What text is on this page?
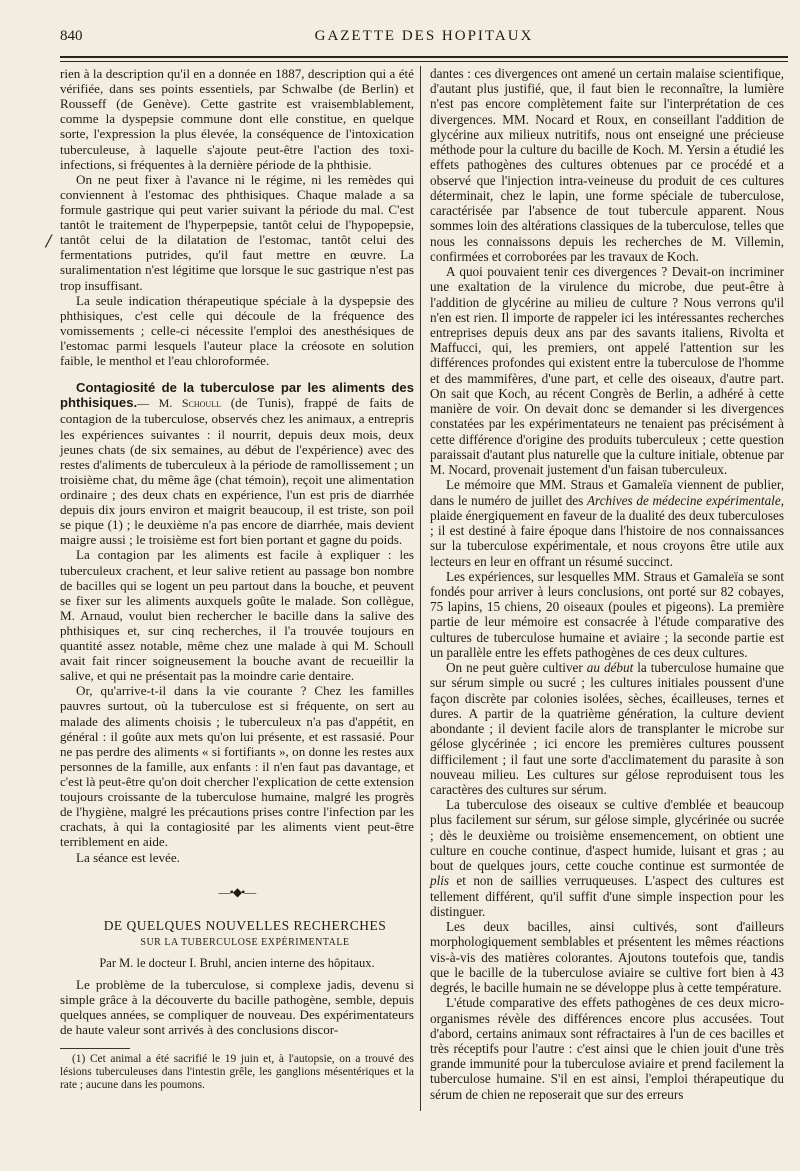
840	GAZETTE DES HOPITAUX
/

rien à la description qu'il en a donnée en 1887, description qui a été vérifiée, dans ses points essentiels, par Schwalbe (de Berlin) et Rousseff (de Genève). Cette gastrite est vraisemblablement, comme la dyspepsie commune dont elle constitue, en quelque sorte, l'expression la plus élevée, la conséquence de l'intoxication tuberculeuse, à laquelle s'ajoute peut-être l'action des toxi-infections, si fréquentes à la dernière période de la phthisie.

On ne peut fixer à l'avance ni le régime, ni les remèdes qui conviennent à l'estomac des phthisiques. Chaque malade a sa formule gastrique qui peut varier suivant la période du mal. C'est tantôt le traitement de l'hyperpepsie, tantôt celui de l'hypopepsie, tantôt celui de la dilatation de l'estomac, tantôt celui des fermentations putrides, qu'il faut mettre en œuvre. La suralimentation n'est légitime que lorsque le suc gastrique n'est pas trop insuffisant.

La seule indication thérapeutique spéciale à la dyspepsie des phthisiques, c'est celle qui découle de la fréquence des vomissements ; celle-ci nécessite l'emploi des anesthésiques de l'estomac parmi lesquels l'auteur place la créosote en solution faible, le menthol et l'eau chloroformée.

Contagiosité de la tuberculose par les aliments des phthisiques.— M. Schoull (de Tunis), frappé de faits de contagion de la tuberculose, observés chez les animaux, a entrepris les expériences suivantes : il nourrit, depuis deux mois, deux jeunes chats (de six semaines, au début de l'expérience) avec des restes d'aliments de tuberculeux à la période de ramollissement ; un troisième chat, du même âge (chat témoin), reçoit une alimentation ordinaire ; des deux chats en expérience, l'un est pris de diarrhée depuis dix jours environ et maigrit beaucoup, il est triste, son poil se pique (1) ; le deuxième n'a pas encore de diarrhée, mais devient maigre aussi ; le troisième est fort bien portant et gagne du poids.

La contagion par les aliments est facile à expliquer : les tuberculeux crachent, et leur salive retient au passage bon nombre de bacilles qui se logent un peu partout dans la bouche, et peuvent se fixer sur les aliments auxquels goûte le malade. Son collègue, M. Arnaud, voulut bien rechercher le bacille dans la salive des phthisiques et, sur cinq recherches, il l'a trouvée toujours en quantité assez notable, même chez une malade à qui M. Schoull avait fait rincer soigneusement la bouche avant de recueillir la salive, et qui ne présentait pas la moindre carie dentaire.

Or, qu'arrive-t-il dans la vie courante ? Chez les familles pauvres surtout, où la tuberculose est si fréquente, on sert au malade des aliments choisis ; le tuberculeux n'a pas d'appétit, en général : il goûte aux mets qu'on lui présente, et est rassasié. Pour ne pas perdre des aliments « si fortifiants », on donne les restes aux personnes de la famille, aux enfants : il n'en faut pas davantage, et c'est là peut-être qu'on doit chercher l'explication de cette extension toujours croissante de la tuberculose humaine, malgré les progrès de l'hygiène, malgré les précautions prises contre l'infection par les crachats, à qui la contagiosité par les aliments vient peut-être terriblement en aide.

La séance est levée.

—•◆•—

DE QUELQUES NOUVELLES RECHERCHES

SUR LA TUBERCULOSE EXPÉRIMENTALE

Par M. le docteur I. Bruhl, ancien interne des hôpitaux.

Le problème de la tuberculose, si complexe jadis, devenu si simple grâce à la découverte du bacille pathogène, semble, depuis quelques années, se compliquer de nouveau. Des expérimentateurs de haute valeur sont arrivés à des conclusions discor-

(1) Cet animal a été sacrifié le 19 juin et, à l'autopsie, on a trouvé des lésions tuberculeuses dans l'intestin grêle, les ganglions mésentériques et la rate ; aucune dans les poumons.

dantes : ces divergences ont amené un certain malaise scientifique, d'autant plus justifié, que, il faut bien le reconnaître, la lumière n'est pas encore complètement faite sur l'interprétation de ces divergences. MM. Nocard et Roux, en conseillant l'addition de glycérine aux milieux nutritifs, nous ont enseigné une précieuse méthode pour la culture du bacille de Koch. M. Yersin a étudié les effets pathogènes des cultures obtenues par ce procédé et a observé que l'injection intra-veineuse du produit de ces cultures déterminait, chez le lapin, une forme spéciale de tuberculose, caractérisée par l'absence de tout tubercule apparent. Nous sommes loin des altérations classiques de la tuberculose, telles que nous les connaissons depuis les recherches de M. Villemin, confirmées et corroborées par les travaux de Koch.

A quoi pouvaient tenir ces divergences ? Devait-on incriminer une exaltation de la virulence du microbe, due peut-être à l'addition de glycérine au milieu de culture ? Nous verrons qu'il n'en est rien. Il importe de rappeler ici les intéressantes recherches entreprises depuis deux ans par des savants italiens, Rivolta et Maffucci, qui, les premiers, ont appelé l'attention sur les différences profondes qui existent entre la tuberculose de l'homme et des mammifères, d'une part, et celle des oiseaux, d'autre part. On sait que Koch, au récent Congrès de Berlin, a adhéré à cette manière de voir. On devait donc se demander si les divergences constatées par les expérimentateurs ne tenaient pas précisément à cette différence d'origine des produits tuberculeux ; cette question paraissait d'autant plus naturelle que la culture initiale, obtenue par M. Nocard, provenait justement d'un faisan tuberculeux.

Le mémoire que MM. Straus et Gamaleïa viennent de publier, dans le numéro de juillet des Archives de médecine expérimentale, plaide énergiquement en faveur de la dualité des deux tuberculoses ; il est destiné à faire époque dans l'histoire de nos connaissances sur la tuberculose expérimentale, et nous croyons être utile aux lecteurs en leur en offrant un résumé succinct.

Les expériences, sur lesquelles MM. Straus et Gamaleïa se sont fondés pour arriver à leurs conclusions, ont porté sur 82 cobayes, 75 lapins, 15 chiens, 20 oiseaux (poules et pigeons). La première partie de leur mémoire est consacrée à l'étude comparative des cultures de tuberculose humaine et aviaire ; la seconde partie est un parallèle entre les effets pathogènes de ces deux cultures.

On ne peut guère cultiver au début la tuberculose humaine que sur sérum simple ou sucré ; les cultures initiales poussent d'une façon discrète par colonies isolées, sèches, écailleuses, ternes et dures. A partir de la quatrième génération, la culture devient abondante ; il devient facile alors de transplanter le microbe sur gélose glycérinée ; ici encore les premières cultures poussent difficilement ; il faut une sorte d'acclimatement du parasite à son nouveau milieu. Les cultures sur gélose reproduisent tous les caractères des cultures sur sérum.

La tuberculose des oiseaux se cultive d'emblée et beaucoup plus facilement sur sérum, sur gélose simple, glycérinée ou sucrée ; dès le deuxième ou troisième ensemencement, on obtient une culture en couche continue, d'aspect humide, luisant et gras ; au bout de quelques jours, cette couche continue est surmontée de plis et non de saillies verruqueuses. L'aspect des cultures est tellement différent, qu'il suffit d'une simple inspection pour les distinguer.

Les deux bacilles, ainsi cultivés, sont d'ailleurs morphologiquement semblables et présentent les mêmes réactions vis-à-vis des matières colorantes. Ajoutons toutefois que, tandis que le bacille de la tuberculose aviaire se cultive fort bien à 43 degrés, le bacille humain ne se développe plus à cette température.

L'étude comparative des effets pathogènes de ces deux micro-organismes révèle des différences encore plus accusées. Tout d'abord, certains animaux sont réfractaires à l'un de ces bacilles et très réceptifs pour l'autre : c'est ainsi que le chien jouit d'une très grande immunité pour la tuberculose aviaire et prend facilement la tuberculose humaine. S'il en est ainsi, l'emploi thérapeutique du sérum de chien ne reposerait que sur des erreurs
